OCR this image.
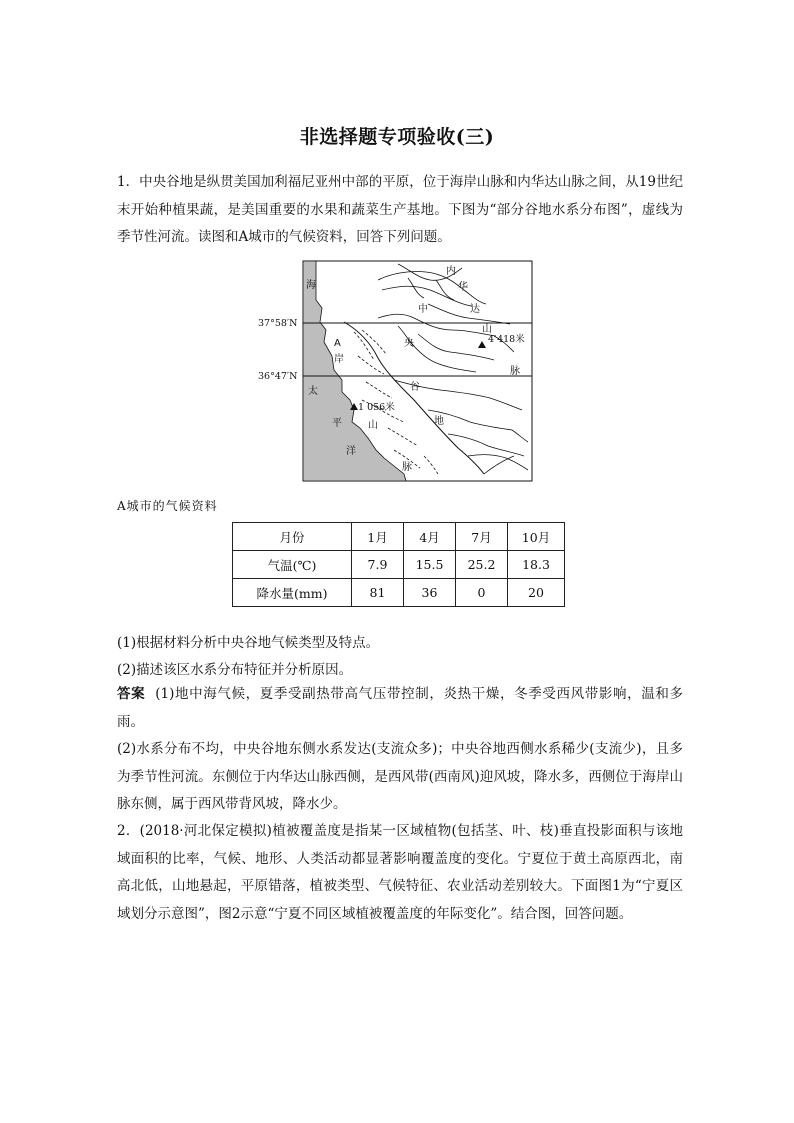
非选择题专项验收(三)
1．中央谷地是纵贯美国加利福尼亚州中部的平原，位于海岸山脉和内华达山脉之间，从19世纪末开始种植果蔬，是美国重要的水果和蔬菜生产基地。下图为“部分谷地水系分布图”，虚线为季节性河流。读图和A城市的气候资料，回答下列问题。
37°58′N
36°47′N
海
A
岸
太
平
洋
山
脉
内
华
达
山
脉
中
央
谷
地
4 418米
1 056米
A城市的气候资料
月份	1月	4月	7月	10月
气温(℃)	7.9	15.5	25.2	18.3
降水量(mm)	81	36	0	20
(1)根据材料分析中央谷地气候类型及特点。
(2)描述该区水系分布特征并分析原因。
答案 (1)地中海气候，夏季受副热带高气压带控制，炎热干燥，冬季受西风带影响，温和多雨。
(2)水系分布不均，中央谷地东侧水系发达(支流众多)；中央谷地西侧水系稀少(支流少)，且多为季节性河流。东侧位于内华达山脉西侧，是西风带(西南风)迎风坡，降水多，西侧位于海岸山脉东侧，属于西风带背风坡，降水少。
2．(2018·河北保定模拟)植被覆盖度是指某一区域植物(包括茎、叶、枝)垂直投影面积与该地域面积的比率，气候、地形、人类活动都显著影响覆盖度的变化。宁夏位于黄土高原西北，南高北低，山地悬起，平原错落，植被类型、气候特征、农业活动差别较大。下面图1为“宁夏区域划分示意图”，图2示意“宁夏不同区域植被覆盖度的年际变化”。结合图，回答问题。
